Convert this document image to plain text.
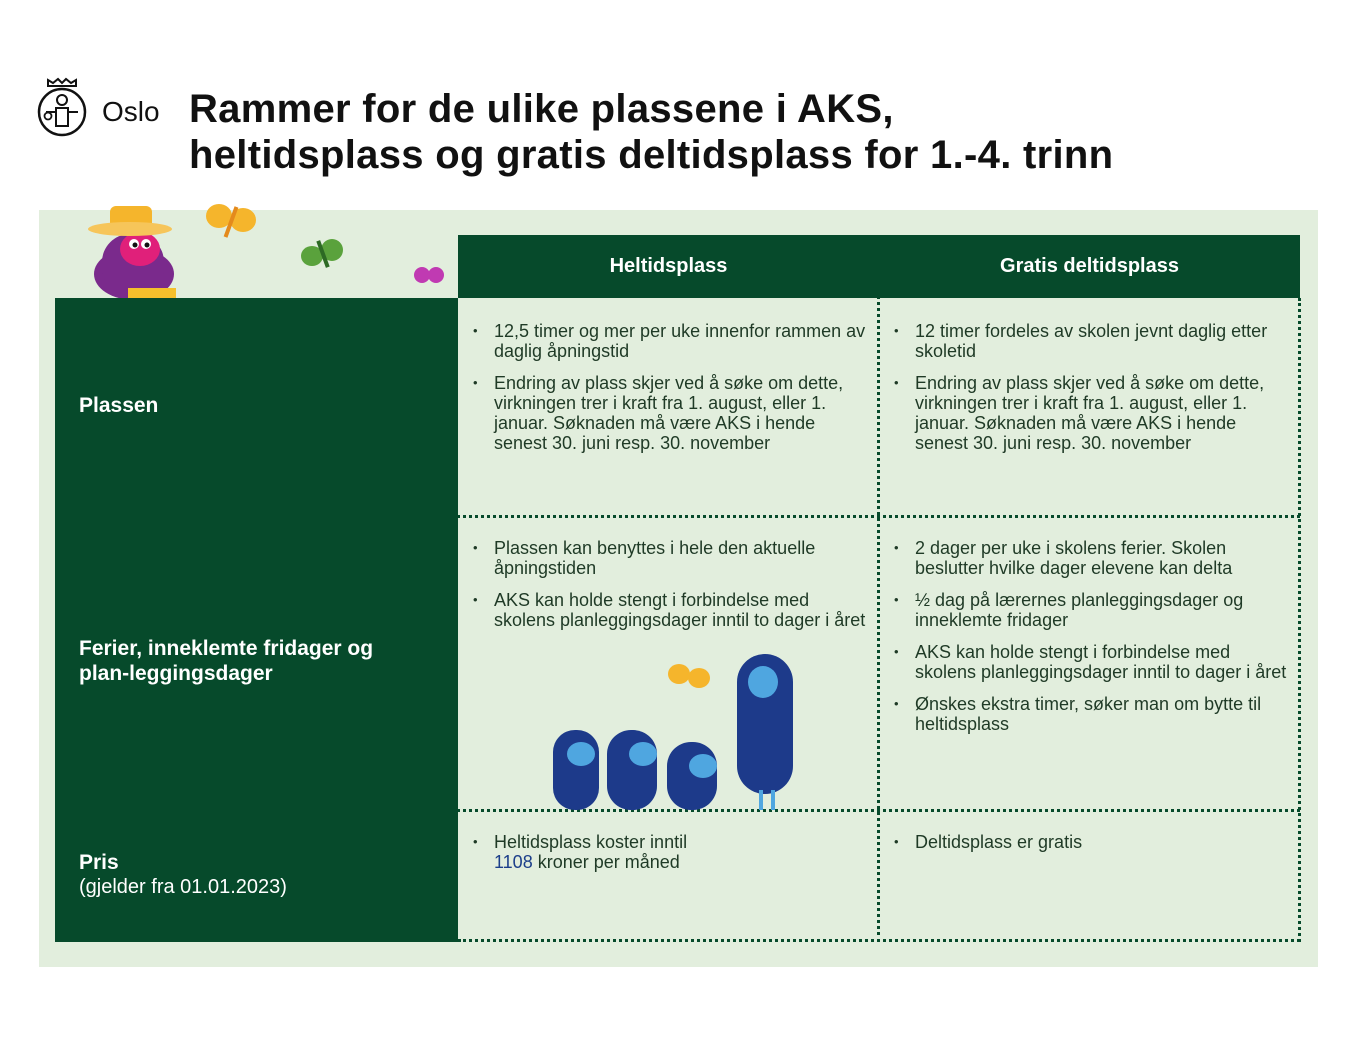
Oslo Rammer for de ulike plassene i AKS,
heltidsplass og gratis deltidsplass for 1.-4. trinn
Heltidsplass	Gratis deltidsplass
Plassen
Ferier, inneklemte fridager og plan-leggingsdager
Pris
(gjelder fra 01.01.2023)
• 12,5 timer og mer per uke innenfor rammen av daglig åpningstid
• Endring av plass skjer ved å søke om dette, virkningen trer i kraft fra 1. august, eller 1. januar. Søknaden må være AKS i hende senest 30. juni resp. 30. november
• 12 timer fordeles av skolen jevnt daglig etter skoletid
• Endring av plass skjer ved å søke om dette, virkningen trer i kraft fra 1. august, eller 1. januar. Søknaden må være AKS i hende senest 30. juni resp. 30. november
• Plassen kan benyttes i hele den aktuelle åpningstiden
• AKS kan holde stengt i forbindelse med skolens planleggingsdager inntil to dager i året
• 2 dager per uke i skolens ferier. Skolen beslutter hvilke dager elevene kan delta
• ½ dag på lærernes planleggingsdager og inneklemte fridager
• AKS kan holde stengt i forbindelse med skolens planleggingsdager inntil to dager i året
• Ønskes ekstra timer, søker man om bytte til heltidsplass
• Heltidsplass koster inntil
1108 kroner per måned
• Deltidsplass er gratis
